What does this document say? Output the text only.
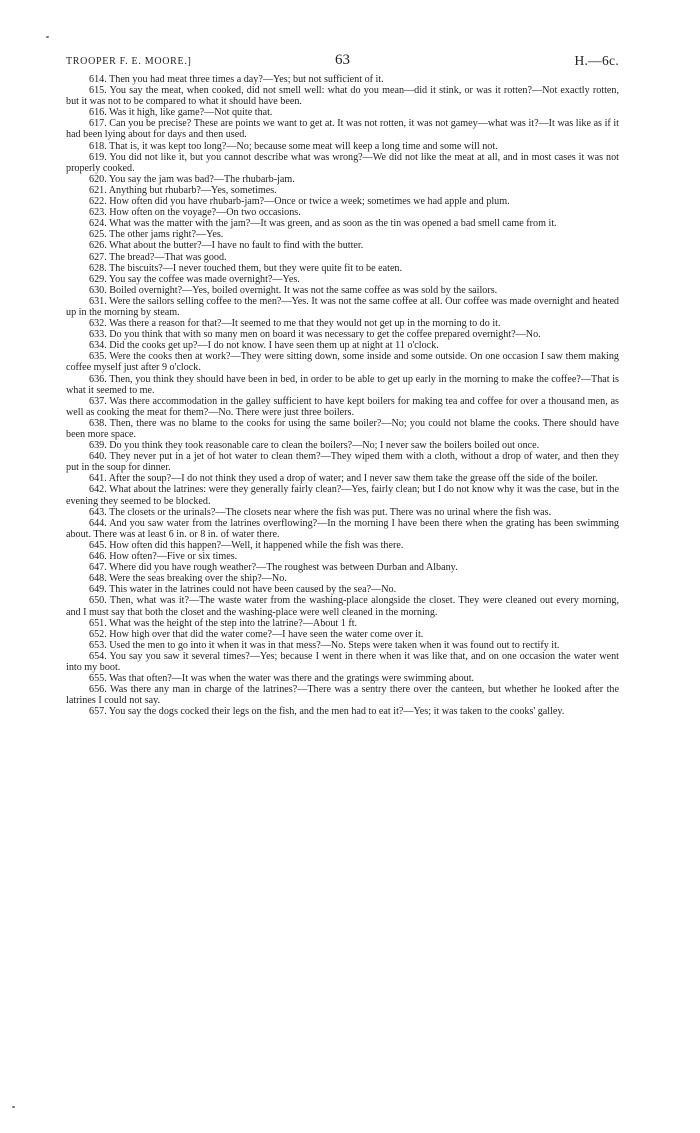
TROOPER F. E. MOORE.]	63	H.—6c.

614. Then you had meat three times a day?—Yes; but not sufficient of it.

615. You say the meat, when cooked, did not smell well: what do you mean—did it stink, or was it rotten?—Not exactly rotten, but it was not to be compared to what it should have been.

616. Was it high, like game?—Not quite that.

617. Can you be precise? These are points we want to get at. It was not rotten, it was not gamey—what was it?—It was like as if it had been lying about for days and then used.

618. That is, it was kept too long?—No; because some meat will keep a long time and some will not.

619. You did not like it, but you cannot describe what was wrong?—We did not like the meat at all, and in most cases it was not properly cooked.

620. You say the jam was bad?—The rhubarb-jam.

621. Anything but rhubarb?—Yes, sometimes.

622. How often did you have rhubarb-jam?—Once or twice a week; sometimes we had apple and plum.

623. How often on the voyage?—On two occasions.

624. What was the matter with the jam?—It was green, and as soon as the tin was opened a bad smell came from it.

625. The other jams right?—Yes.

626. What about the butter?—I have no fault to find with the butter.

627. The bread?—That was good.

628. The biscuits?—I never touched them, but they were quite fit to be eaten.

629. You say the coffee was made overnight?—Yes.

630. Boiled overnight?—Yes, boiled overnight. It was not the same coffee as was sold by the sailors.

631. Were the sailors selling coffee to the men?—Yes. It was not the same coffee at all. Our coffee was made overnight and heated up in the morning by steam.

632. Was there a reason for that?—It seemed to me that they would not get up in the morning to do it.

633. Do you think that with so many men on board it was necessary to get the coffee prepared overnight?—No.

634. Did the cooks get up?—I do not know. I have seen them up at night at 11 o'clock.

635. Were the cooks then at work?—They were sitting down, some inside and some outside. On one occasion I saw them making coffee myself just after 9 o'clock.

636. Then, you think they should have been in bed, in order to be able to get up early in the morning to make the coffee?—That is what it seemed to me.

637. Was there accommodation in the galley sufficient to have kept boilers for making tea and coffee for over a thousand men, as well as cooking the meat for them?—No. There were just three boilers.

638. Then, there was no blame to the cooks for using the same boiler?—No; you could not blame the cooks. There should have been more space.

639. Do you think they took reasonable care to clean the boilers?—No; I never saw the boilers boiled out once.

640. They never put in a jet of hot water to clean them?—They wiped them with a cloth, without a drop of water, and then they put in the soup for dinner.

641. After the soup?—I do not think they used a drop of water; and I never saw them take the grease off the side of the boiler.

642. What about the latrines: were they generally fairly clean?—Yes, fairly clean; but I do not know why it was the case, but in the evening they seemed to be blocked.

643. The closets or the urinals?—The closets near where the fish was put. There was no urinal where the fish was.

644. And you saw water from the latrines overflowing?—In the morning I have been there when the grating has been swimming about. There was at least 6 in. or 8 in. of water there.

645. How often did this happen?—Well, it happened while the fish was there.

646. How often?—Five or six times.

647. Where did you have rough weather?—The roughest was between Durban and Albany.

648. Were the seas breaking over the ship?—No.

649. This water in the latrines could not have been caused by the sea?—No.

650. Then, what was it?—The waste water from the washing-place alongside the closet. They were cleaned out every morning, and I must say that both the closet and the washing-place were well cleaned in the morning.

651. What was the height of the step into the latrine?—About 1 ft.

652. How high over that did the water come?—I have seen the water come over it.

653. Used the men to go into it when it was in that mess?—No. Steps were taken when it was found out to rectify it.

654. You say you saw it several times?—Yes; because I went in there when it was like that, and on one occasion the water went into my boot.

655. Was that often?—It was when the water was there and the gratings were swimming about.

656. Was there any man in charge of the latrines?—There was a sentry there over the canteen, but whether he looked after the latrines I could not say.

657. You say the dogs cocked their legs on the fish, and the men had to eat it?—Yes; it was taken to the cooks' galley.
